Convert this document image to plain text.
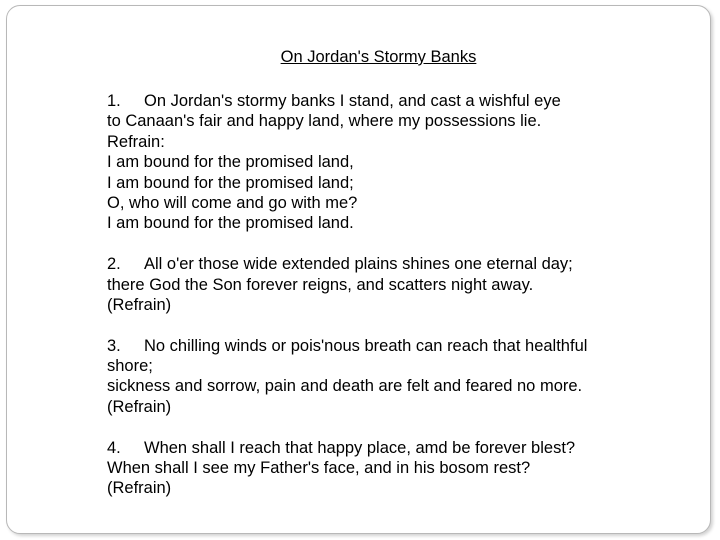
On Jordan's Stormy Banks
1. On Jordan's stormy banks I stand, and cast a wishful eye
to Canaan's fair and happy land, where my possessions lie.
Refrain:
I am bound for the promised land,
I am bound for the promised land;
O, who will come and go with me?
I am bound for the promised land.
2. All o'er those wide extended plains shines one eternal day;
there God the Son forever reigns, and scatters night away.
(Refrain)
3. No chilling winds or pois'nous breath can reach that healthful
shore;
sickness and sorrow, pain and death are felt and feared no more.
(Refrain)
4. When shall I reach that happy place, amd be forever blest?
When shall I see my Father's face, and in his bosom rest?
(Refrain)
